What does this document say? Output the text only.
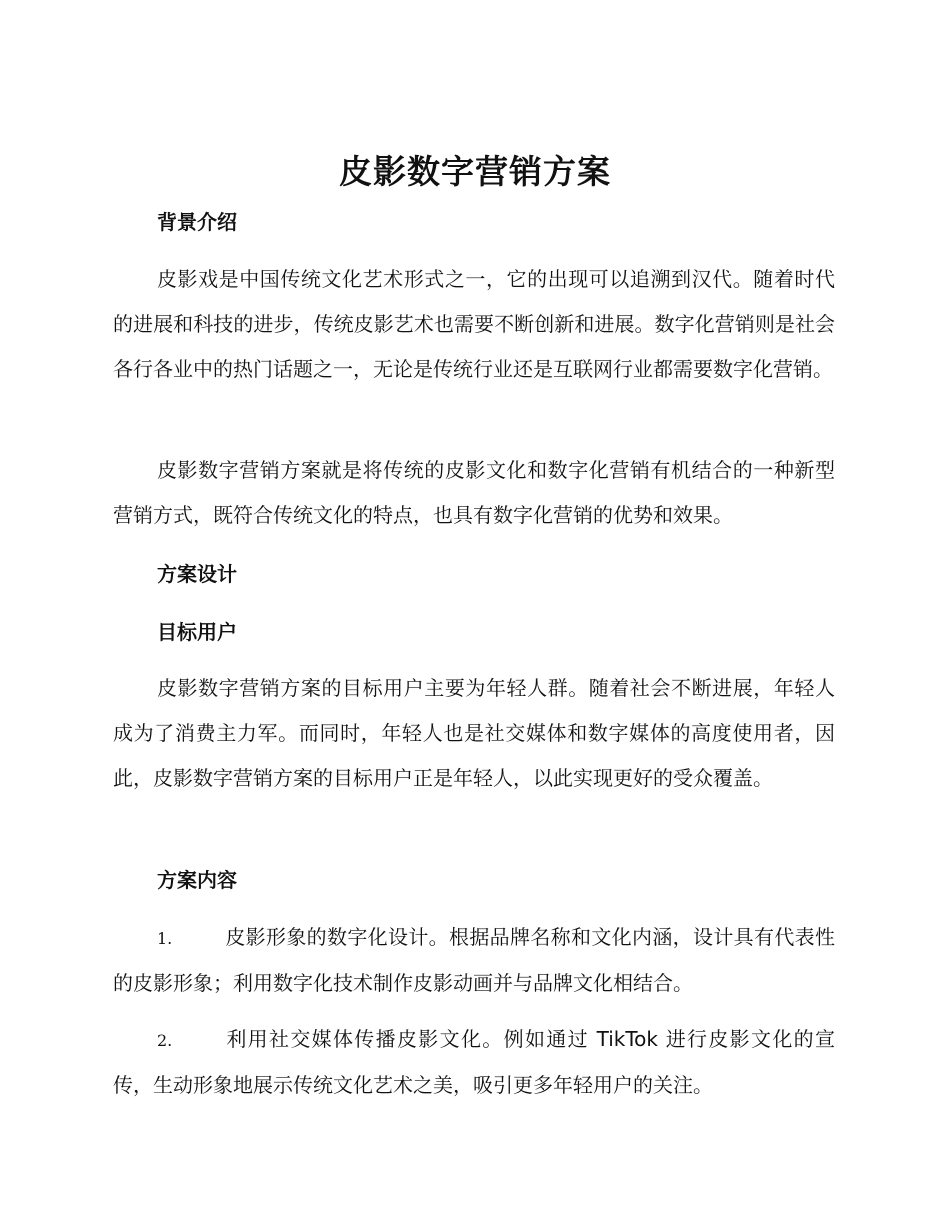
皮影数字营销方案
背景介绍

皮影戏是中国传统文化艺术形式之一，它的出现可以追溯到汉代。随着时代的进展和科技的进步，传统皮影艺术也需要不断创新和进展。数字化营销则是社会各行各业中的热门话题之一，无论是传统行业还是互联网行业都需要数字化营销。

皮影数字营销方案就是将传统的皮影文化和数字化营销有机结合的一种新型营销方式，既符合传统文化的特点，也具有数字化营销的优势和效果。

方案设计
目标用户

皮影数字营销方案的目标用户主要为年轻人群。随着社会不断进展，年轻人成为了消费主力军。而同时，年轻人也是社交媒体和数字媒体的高度使用者，因此，皮影数字营销方案的目标用户正是年轻人，以此实现更好的受众覆盖。

方案内容

1.	皮影形象的数字化设计。根据品牌名称和文化内涵，设计具有代表性的皮影形象；利用数字化技术制作皮影动画并与品牌文化相结合。

2.	利用社交媒体传播皮影文化。例如通过 TikTok 进行皮影文化的宣传，生动形象地展示传统文化艺术之美，吸引更多年轻用户的关注。
